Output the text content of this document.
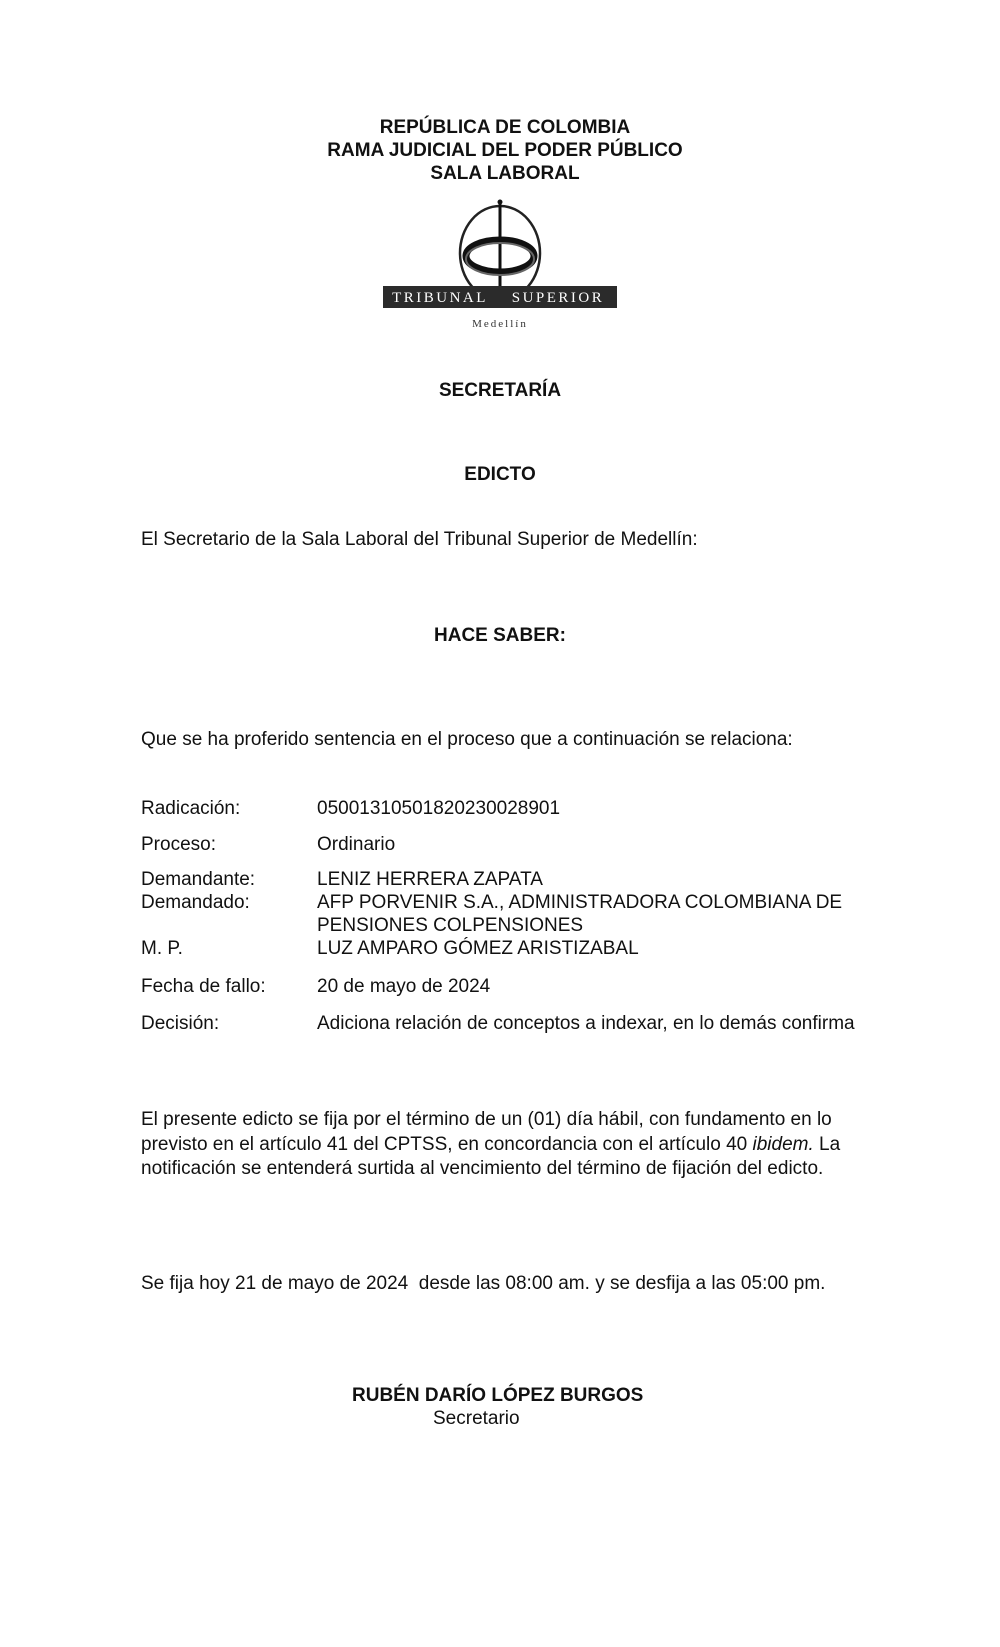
REPÚBLICA DE COLOMBIA
RAMA JUDICIAL DEL PODER PÚBLICO
SALA LABORAL
TRIBUNAL SUPERIOR
Medellín
SECRETARÍA
EDICTO
El Secretario de la Sala Laboral del Tribunal Superior de Medellín:
HACE SABER:
Que se ha proferido sentencia en el proceso que a continuación se relaciona:
Radicación:	05001310501820230028901
Proceso:	Ordinario
Demandante:	LENIZ HERRERA ZAPATA
Demandado:	AFP PORVENIR S.A., ADMINISTRADORA COLOMBIANA DE PENSIONES COLPENSIONES
M. P.	LUZ AMPARO GÓMEZ ARISTIZABAL
Fecha de fallo:	20 de mayo de 2024
Decisión:	Adiciona relación de conceptos a indexar, en lo demás confirma
El presente edicto se fija por el término de un (01) día hábil, con fundamento en lo previsto en el artículo 41 del CPTSS, en concordancia con el artículo 40 ibidem. La notificación se entenderá surtida al vencimiento del término de fijación del edicto.
Se fija hoy 21 de mayo de 2024  desde las 08:00 am. y se desfija a las 05:00 pm.
RUBÉN DARÍO LÓPEZ BURGOS
Secretario
